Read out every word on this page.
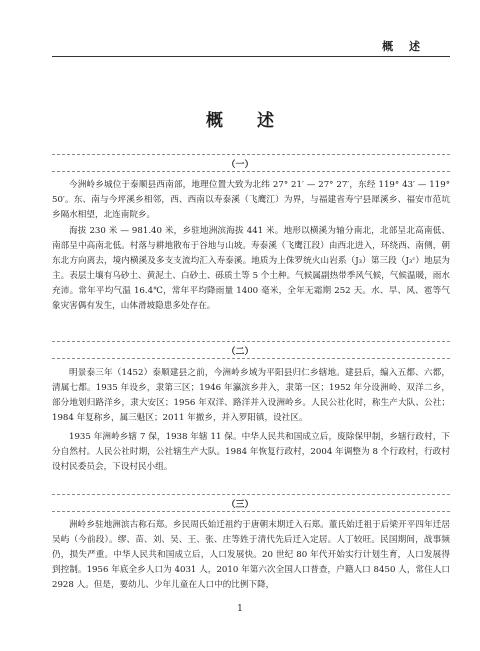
概 述
概 述
（一）

今洲岭乡城位于泰顺县西南部，地理位置大致为北纬 27° 21′ — 27° 27′，东经 119° 43′ — 119° 50′。东、南与今坪溪乡相邻，西、西南以寿泰溪（飞鹰江）为界，与福建省寿宁县犀溪乡、福安市范坑乡隔水相望，北连南院乡。

海拔 230 米 — 981.40 米，乡驻地洲滨海拔 441 米。地形以横溪为轴分南北，北部呈北高南低、南部呈中高南北低。村落与耕地散布于谷地与山坡。寿泰溪（飞鹰江段）由西北进入，环绕西、南侧，朝东北方向离去，境内横溪及多支支流均汇入寿泰溪。地质为上侏罗统火山岩系（J₃）第三段（J₃ᶜ）地层为主。表层土壤有乌砂土、黄泥土、白砂土、砾质土等 5 个土种。气候属副热带季风气候，气候温暖，雨水充沛。常年平均气温 16.4℃，常年平均降雨量 1400 毫米，全年无霜期 252 天。水、旱、风、雹等气象灾害偶有发生，山体滑坡隐患多处存在。

（二）

明景泰三年（1452）泰顺建县之前，今洲岭乡域为平阳县归仁乡辖地。建县后，编入五都、六都，清属七都。1935 年设乡，隶第三区；1946 年瀛滨乡并入，隶第一区；1952 年分设洲岭、双洋二乡，部分地划归路洋乡，隶大安区；1956 年双洋、路洋并入设洲岭乡。人民公社化时，称生产大队、公社；1984 年复称乡，属三魁区；2011 年撤乡，并入罗阳镇，设社区。

1935 年洲岭乡辖 7 保，1938 年辖 11 保。中华人民共和国成立后，废除保甲制，乡辖行政村，下分自然村。人民公社时期，公社辖生产大队。1984 年恢复行政村，2004 年调整为 8 个行政村，行政村设村民委员会，下设村民小组。

（三）

洲岭乡驻地洲滨古称石郑。乡民周氏始迁祖约于唐朝末期迁入石郑。董氏始迁祖于后梁开平四年迁居吴屿（今前段）。缪、苗、刘、吴、王、张、庄等姓于清代先后迁入定居。人丁较旺。民国期间，战事频仍，损失严重。中华人民共和国成立后，人口发展快。20 世纪 80 年代开始实行计划生育，人口发展得到控制。1956 年底全乡人口为 4031 人，2010 年第六次全国人口普查，户籍人口 8450 人，常住人口 2928 人。但是，要幼儿、少年儿童在人口中的比例下降，

1
